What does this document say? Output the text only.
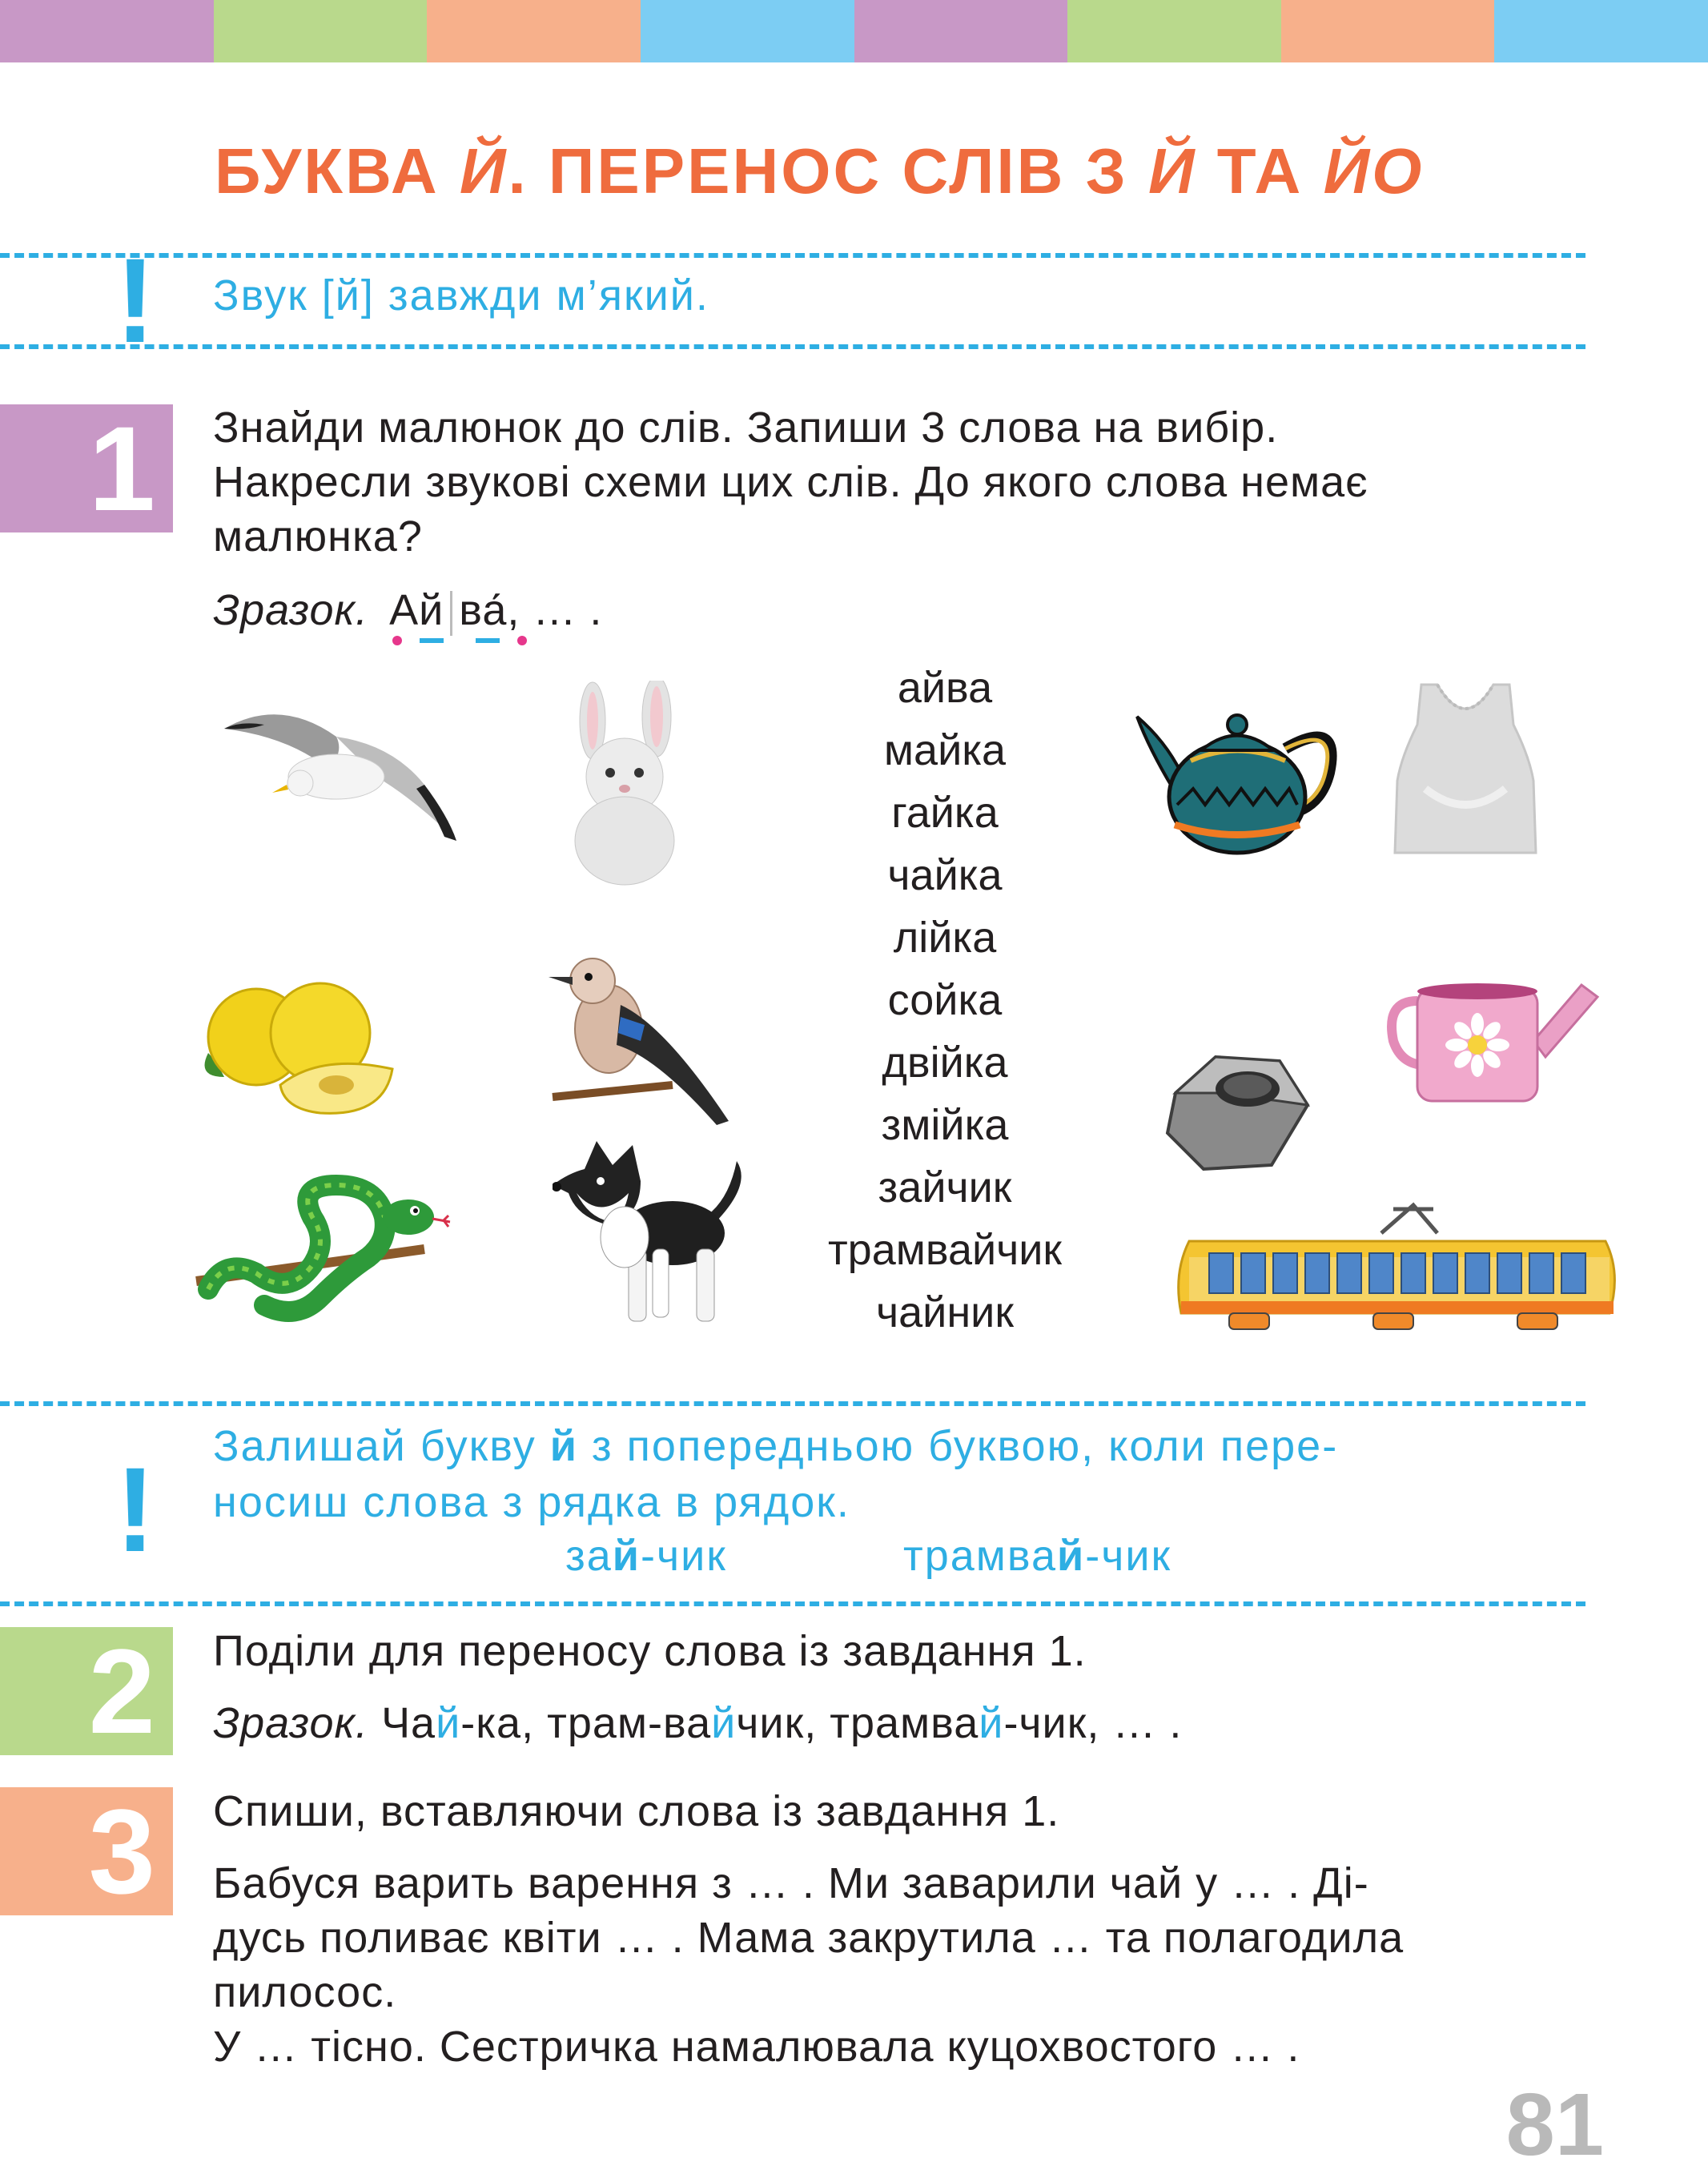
БУКВА Й. ПЕРЕНОС СЛІВ З Й ТА ЙО
! Звук [й] завжди м’який.
1	Знайди малюнок до слів. Запиши 3 слова на вибір.
Накресли звукові схеми цих слів. До якого слова немає
малюнка?
Зразок. Ай ва́
, … .
айва
майка
гайка
чайка
лійка
сойка
двійка
змійка
зайчик
трамвайчик
чайник
! Залишай букву й з попередньою буквою, коли пере-
носиш слова з рядка в рядок.
зай-чик	трамвай-чик
2	Поділи для переносу слова із завдання 1.
Зразок. Чай-ка, трам-вайчик, трамвай-чик, … .
3	Спиши, вставляючи слова із завдання 1.
Бабуся варить варення з … . Ми заварили чай у … . Ді-
дусь поливає квіти … . Мама закрутила … та полагодила
пилосос.
У … тісно. Сестричка намалювала куцохвостого … .
81
